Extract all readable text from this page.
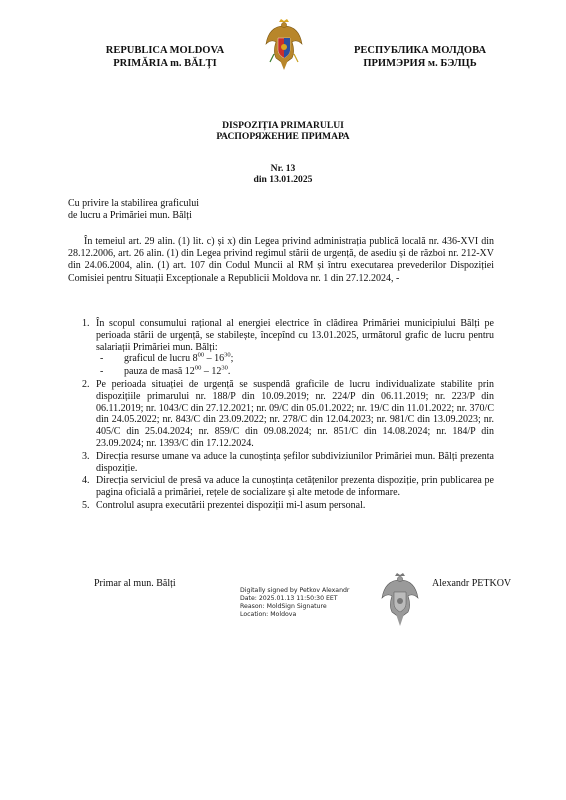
REPUBLICA MOLDOVA
PRIMĂRIA m. BĂLȚI
РЕСПУБЛИКА МОЛДОВА
ПРИМЭРИЯ м. БЭЛЦЬ
DISPOZIȚIA PRIMARULUI
РАСПОРЯЖЕНИЕ ПРИМАРА
Nr. 13
din 13.01.2025
Cu privire la stabilirea graficului
de lucru a Primăriei mun. Bălți
În temeiul art. 29 alin. (1) lit. c) și x) din Legea privind administrația publică locală nr. 436-XVI din 28.12.2006, art. 26 alin. (1) din Legea privind regimul stării de urgență, de asediu și de război nr. 212-XV din 24.06.2004, alin. (1) art. 107 din Codul Muncii al RM și întru executarea prevederilor Dispoziției Comisiei pentru Situații Excepționale a Republicii Moldova nr. 1 din 27.12.2024, -
1. În scopul consumului rațional al energiei electrice în clădirea Primăriei municipiului Bălți pe perioada stării de urgență, se stabilește, începînd cu 13.01.2025, următorul grafic de lucru pentru salariații Primăriei mun. Bălți:
- graficul de lucru $8^{00} - 16^{30}$;
- pauza de masă $12^{00} - 12^{30}$.
2. Pe perioada situației de urgență se suspendă graficile de lucru individualizate stabilite prin dispozițiile primarului nr. 188/P din 10.09.2019; nr. 224/P din 06.11.2019; nr. 223/P din 06.11.2019; nr. 1043/C din 27.12.2021; nr. 09/C din 05.01.2022; nr. 19/C din 11.01.2022; nr. 370/C din 24.05.2022; nr. 843/C din 23.09.2022; nr. 278/C din 12.04.2023; nr. 981/C din 13.09.2023; nr. 405/C din 25.04.2024; nr. 859/C din 09.08.2024; nr. 851/C din 14.08.2024; nr. 184/P din 23.09.2024; nr. 1393/C din 17.12.2024.
3. Direcția resurse umane va aduce la cunoștința șefilor subdiviziunilor Primăriei mun. Bălți prezenta dispoziție.
4. Direcția serviciul de presă va aduce la cunoștința cetățenilor prezenta dispoziție, prin publicarea pe pagina oficială a primăriei, rețele de socializare și alte metode de informare.
5. Controlul asupra executării prezentei dispoziții mi-l asum personal.
Primar al mun. Bălți
Digitally signed by Petkov Alexandr
Date: 2025.01.13 11:50:30 EET
Reason: MoldSign Signature
Location: Moldova
Alexandr PETKOV
